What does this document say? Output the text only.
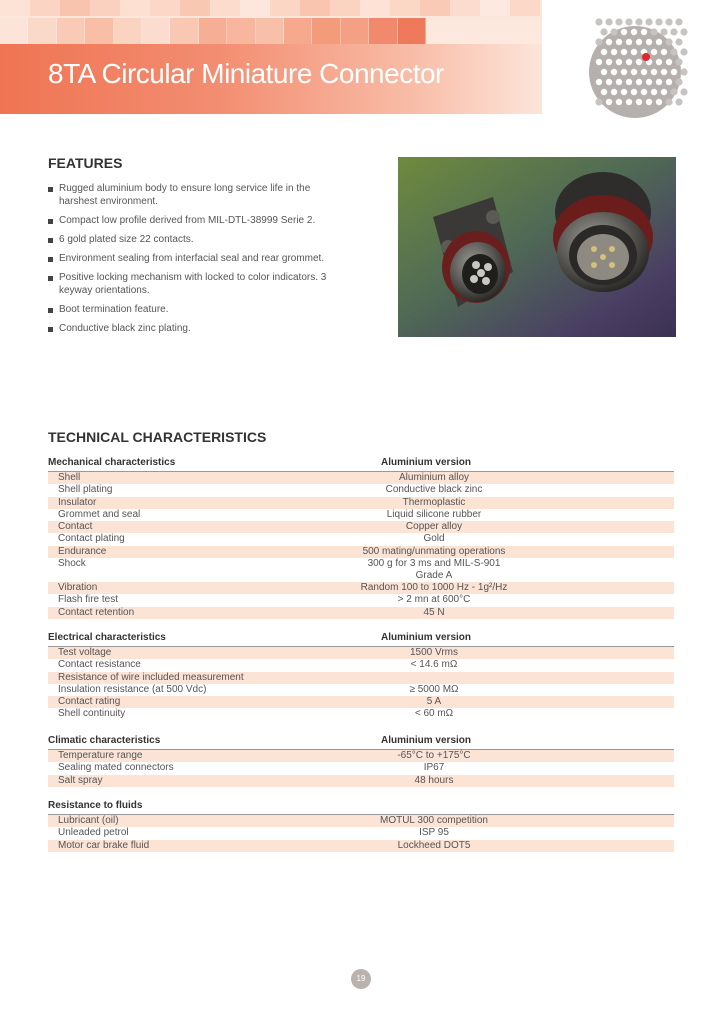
8TA Circular Miniature Connector
FEATURES
Rugged aluminium body to ensure long service life in the harshest environment.
Compact low profile derived from MIL-DTL-38999 Serie 2.
6 gold plated size 22 contacts.
Environment sealing from interfacial seal and rear grommet.
Positive locking mechanism with locked to color indicators. 3 keyway orientations.
Boot termination feature.
Conductive black zinc plating.
TECHNICAL CHARACTERISTICS
Mechanical characteristics	Aluminium version
Shell	Aluminium alloy
Shell plating	Conductive black zinc
Insulator	Thermoplastic
Grommet and seal	Liquid silicone rubber
Contact	Copper alloy
Contact plating	Gold
Endurance	500 mating/unmating operations
Shock	300 g for 3 ms and MIL-S-901
Grade A
Vibration	Random 100 to 1000 Hz - 1g²/Hz
Flash fire test	> 2 mn at 600°C
Contact retention	45 N
Electrical characteristics	Aluminium version
Test voltage	1500 Vrms
Contact resistance	< 14.6 mΩ
Resistance of wire included measurement
Insulation resistance (at 500 Vdc)	≥ 5000 MΩ
Contact rating	5 A
Shell continuity	< 60 mΩ
Climatic characteristics	Aluminium version
Temperature range	-65°C to +175°C
Sealing mated connectors	IP67
Salt spray	48 hours
Resistance to fluids
Lubricant (oil)	MOTUL 300 competition
Unleaded petrol	ISP 95
Motor car brake fluid	Lockheed DOT5
19
